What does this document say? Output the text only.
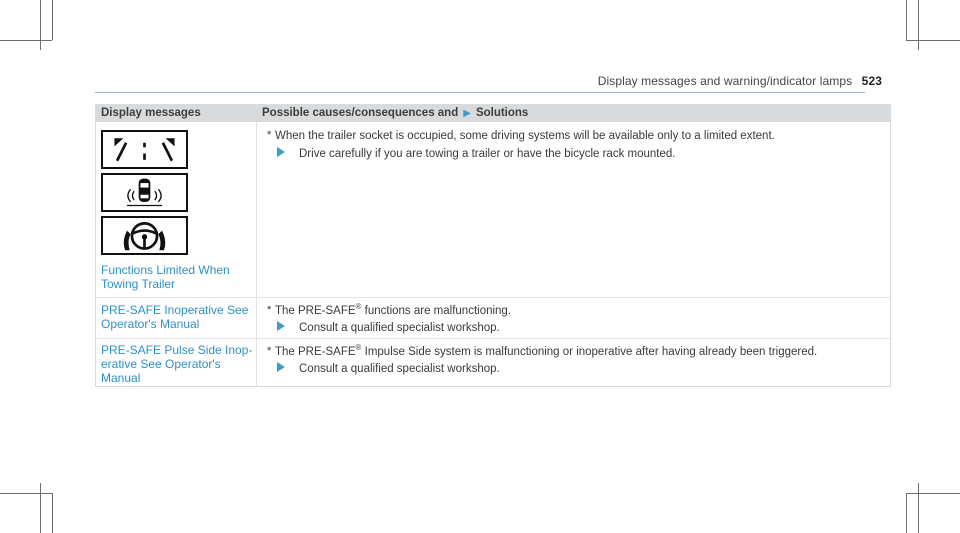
Display messages and warning/indicator lamps 523
Display messages	Possible causes/consequences and ▶ Solutions
Functions Limited When
Towing Trailer
* When the trailer socket is occupied, some driving systems will be available only to a limited extent.
Drive carefully if you are towing a trailer or have the bicycle rack mounted.
PRE-SAFE Inoperative See
Operator's Manual
* The PRE-SAFE® functions are malfunctioning.
Consult a qualified specialist workshop.
PRE-SAFE Pulse Side Inop-
erative See Operator's
Manual
* The PRE-SAFE® Impulse Side system is malfunctioning or inoperative after having already been triggered.
Consult a qualified specialist workshop.
